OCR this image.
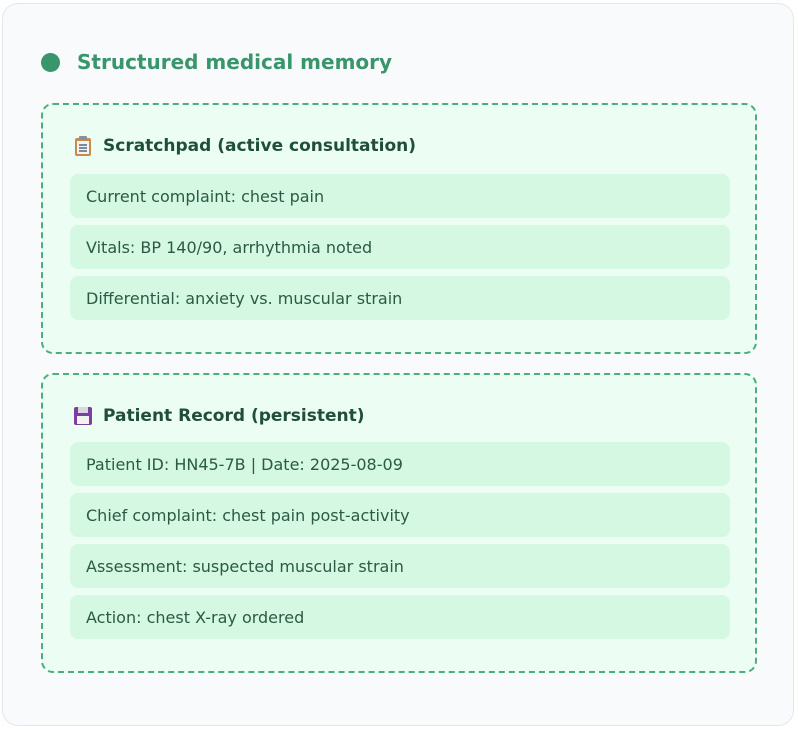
Structured medical memory
Scratchpad (active consultation)
Current complaint: chest pain
Vitals: BP 140/90, arrhythmia noted
Differential: anxiety vs. muscular strain
Patient Record (persistent)
Patient ID: HN45-7B | Date: 2025-08-09
Chief complaint: chest pain post-activity
Assessment: suspected muscular strain
Action: chest X-ray ordered
